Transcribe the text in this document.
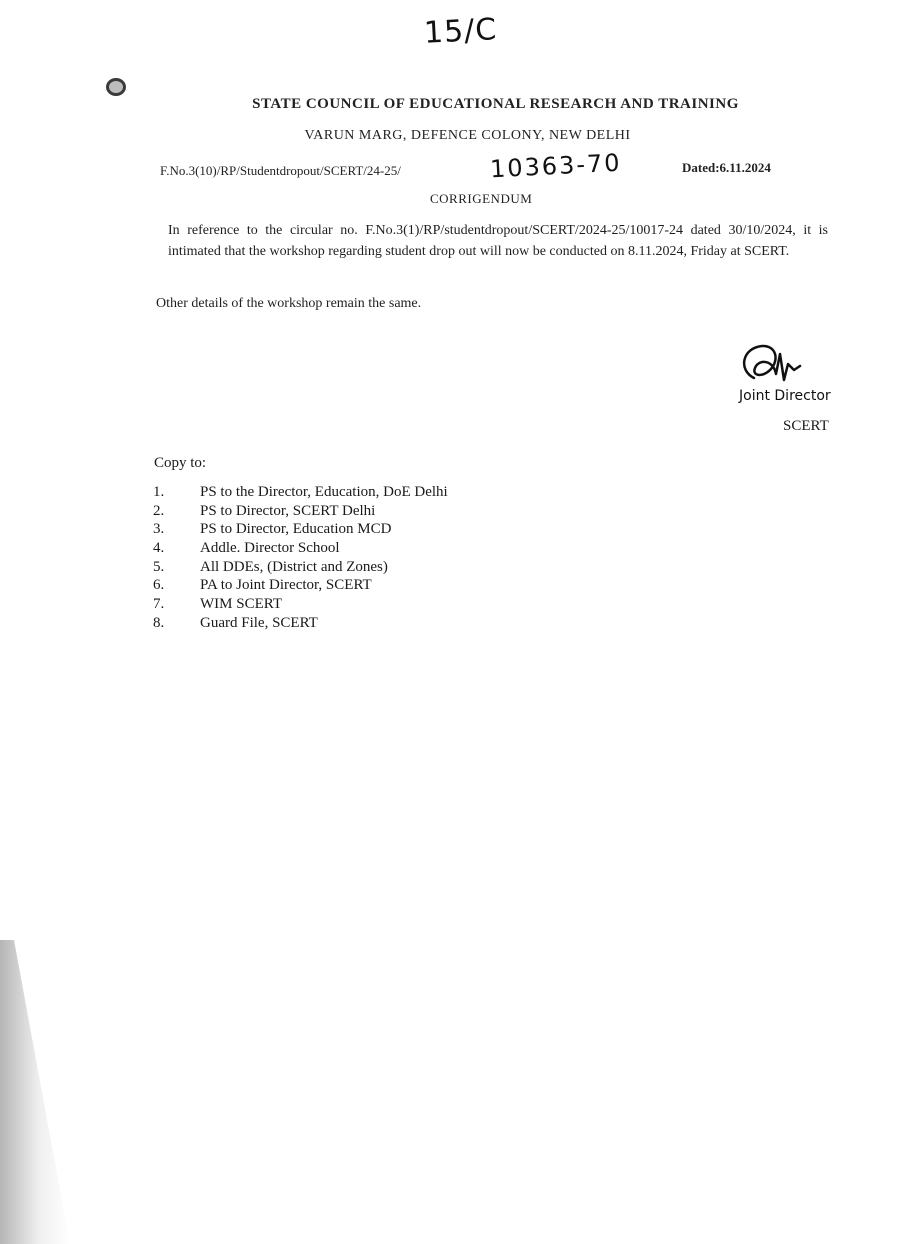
15/C
STATE COUNCIL OF EDUCATIONAL RESEARCH AND TRAINING
VARUN MARG, DEFENCE COLONY, NEW DELHI
F.No.3(10)/RP/Studentdropout/SCERT/24-25/	10363-70	Dated:6.11.2024
CORRIGENDUM
In reference to the circular no. F.No.3(1)/RP/studentdropout/SCERT/2024-25/10017-24 dated 30/10/2024, it is intimated that the workshop regarding student drop out will now be conducted on 8.11.2024, Friday at SCERT.
Other details of the workshop remain the same.
Joint Director
SCERT
Copy to:
1.	PS to the Director, Education, DoE Delhi
2.	PS to Director, SCERT Delhi
3.	PS to Director, Education MCD
4.	Addle. Director School
5.	All DDEs, (District and Zones)
6.	PA to Joint Director, SCERT
7.	WIM SCERT
8.	Guard File, SCERT
